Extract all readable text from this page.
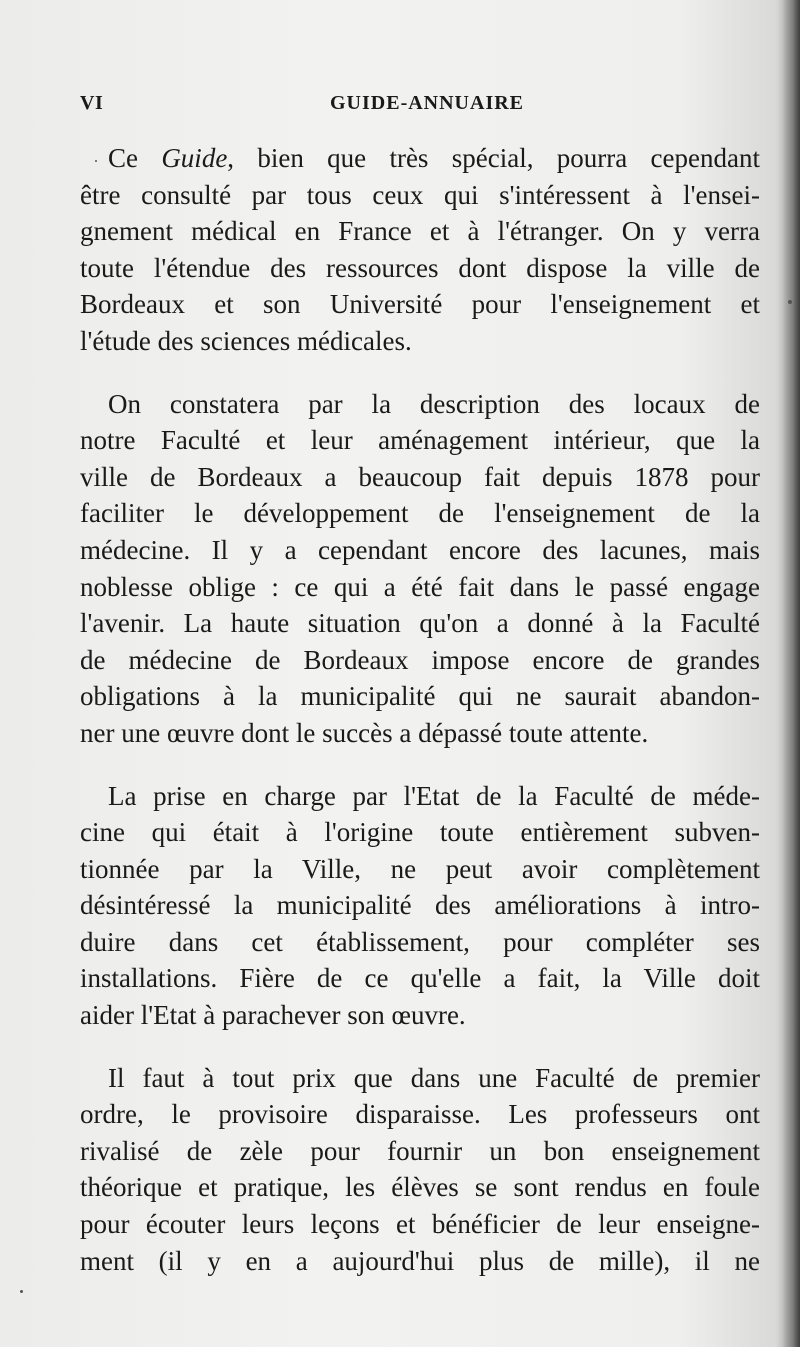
VI	GUIDE-ANNUAIRE
Ce Guide, bien que très spécial, pourra cependant
être consulté par tous ceux qui s'intéressent à l'ensei-
gnement médical en France et à l'étranger. On y verra
toute l'étendue des ressources dont dispose la ville de
Bordeaux et son Université pour l'enseignement et
l'étude des sciences médicales.
On constatera par la description des locaux de
notre Faculté et leur aménagement intérieur, que la
ville de Bordeaux a beaucoup fait depuis 1878 pour
faciliter le développement de l'enseignement de la
médecine. Il y a cependant encore des lacunes, mais
noblesse oblige : ce qui a été fait dans le passé engage
l'avenir. La haute situation qu'on a donné à la Faculté
de médecine de Bordeaux impose encore de grandes
obligations à la municipalité qui ne saurait abandon-
ner une œuvre dont le succès a dépassé toute attente.
La prise en charge par l'Etat de la Faculté de méde-
cine qui était à l'origine toute entièrement subven-
tionnée par la Ville, ne peut avoir complètement
désintéressé la municipalité des améliorations à intro-
duire dans cet établissement, pour compléter ses
installations. Fière de ce qu'elle a fait, la Ville doit
aider l'Etat à parachever son œuvre.
Il faut à tout prix que dans une Faculté de premier
ordre, le provisoire disparaisse. Les professeurs ont
rivalisé de zèle pour fournir un bon enseignement
théorique et pratique, les élèves se sont rendus en foule
pour écouter leurs leçons et bénéficier de leur enseigne-
ment (il y en a aujourd'hui plus de mille), il ne
